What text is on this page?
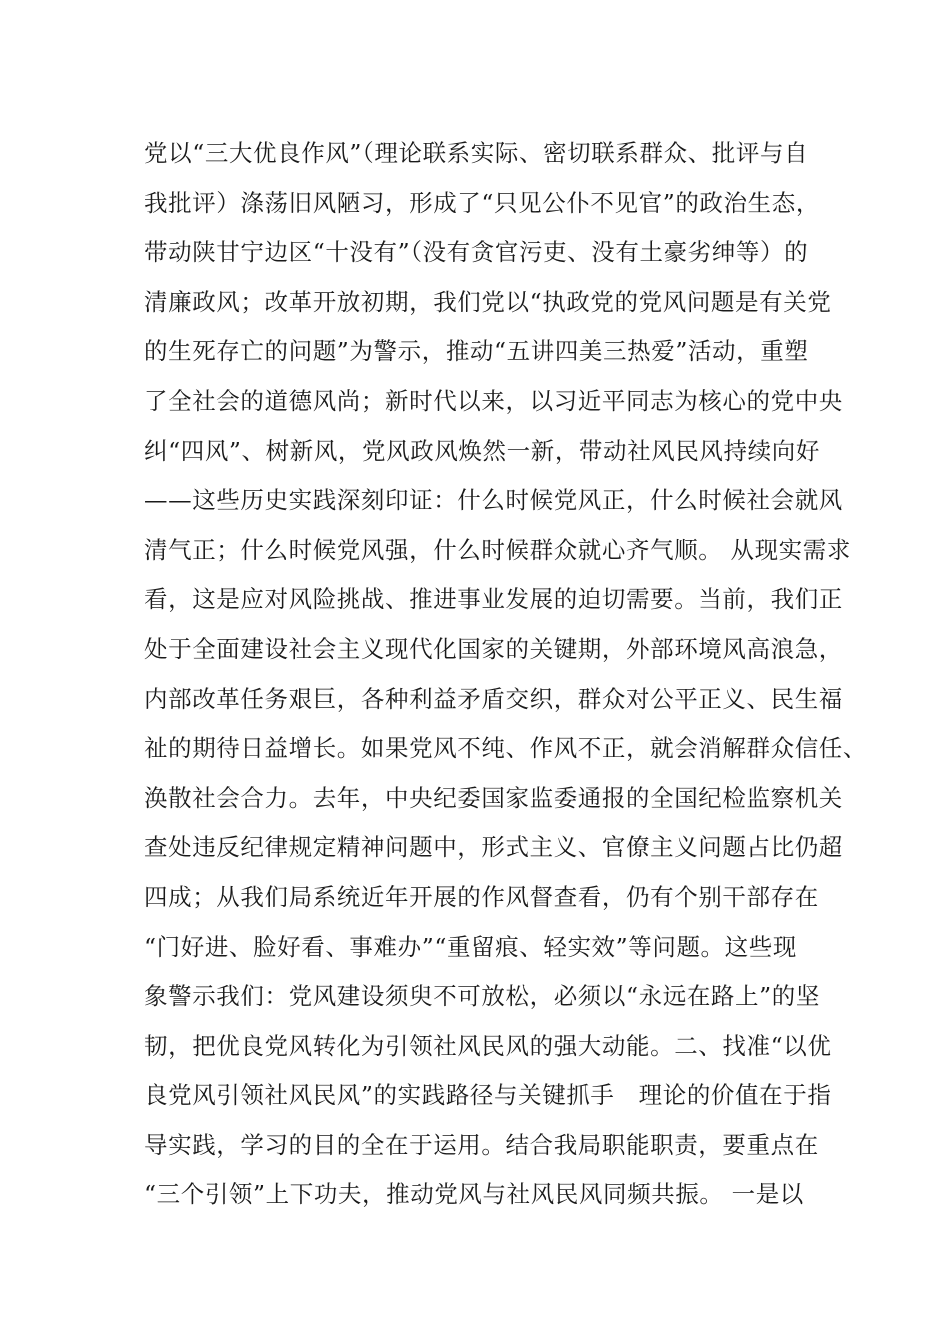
党以“三大优良作风”（理论联系实际、密切联系群众、批评与自
我批评）涤荡旧风陋习，形成了“只见公仆不见官”的政治生态，
带动陕甘宁边区“十没有”（没有贪官污吏、没有土豪劣绅等）的
清廉政风；改革开放初期，我们党以“执政党的党风问题是有关党
的生死存亡的问题”为警示，推动“五讲四美三热爱”活动，重塑
了全社会的道德风尚；新时代以来，以习近平同志为核心的党中央
纠“四风”、树新风，党风政风焕然一新，带动社风民风持续向好
——这些历史实践深刻印证：什么时候党风正，什么时候社会就风
清气正；什么时候党风强，什么时候群众就心齐气顺。 从现实需求
看，这是应对风险挑战、推进事业发展的迫切需要。当前，我们正
处于全面建设社会主义现代化国家的关键期，外部环境风高浪急，
内部改革任务艰巨，各种利益矛盾交织，群众对公平正义、民生福
祉的期待日益增长。如果党风不纯、作风不正，就会消解群众信任、
涣散社会合力。去年，中央纪委国家监委通报的全国纪检监察机关
查处违反纪律规定精神问题中，形式主义、官僚主义问题占比仍超
四成；从我们局系统近年开展的作风督查看，仍有个别干部存在
“门好进、脸好看、事难办”“重留痕、轻实效”等问题。这些现
象警示我们：党风建设须臾不可放松，必须以“永远在路上”的坚
韧，把优良党风转化为引领社风民风的强大动能。二、找准“以优
良党风引领社风民风”的实践路径与关键抓手　理论的价值在于指
导实践，学习的目的全在于运用。结合我局职能职责，要重点在
“三个引领”上下功夫，推动党风与社风民风同频共振。 一是以
